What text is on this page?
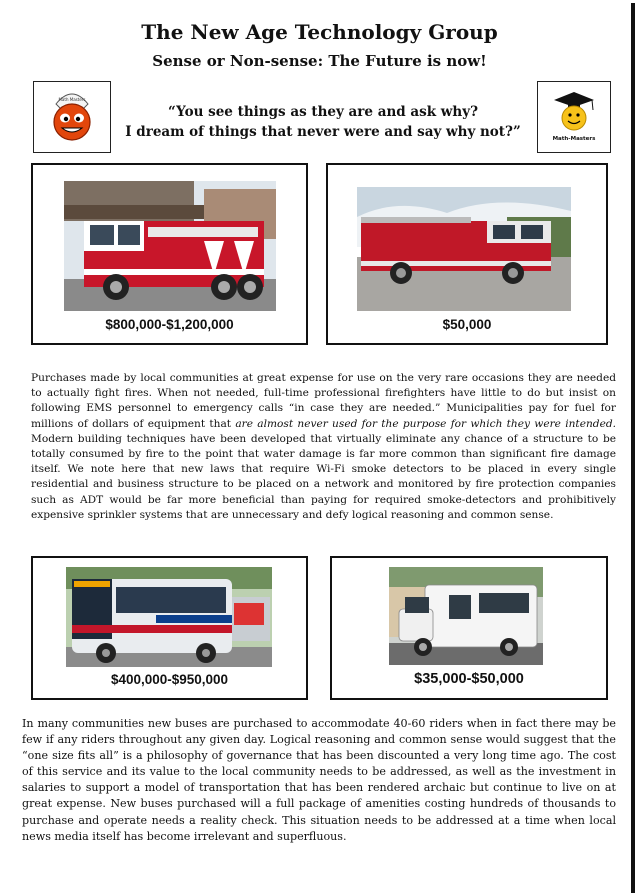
The New Age Technology Group
Sense or Non-sense: The Future is now!
Math Masters
“You see things as they are and ask why?
I dream of things that never were and say why not?”	Math-Masters
$800,000-$1,200,000	$50,000
Purchases made by local communities at great expense for use on the very rare occasions they are needed to actually fight fires. When not needed, full-time professional firefighters have little to do but insist on following EMS personnel to emergency calls “in case they are needed.” Municipalities pay for fuel for millions of dollars of equipment that are almost never used for the purpose for which they were intended. Modern building techniques have been developed that virtually eliminate any chance of a structure to be totally consumed by fire to the point that water damage is far more common than significant fire damage itself. We note here that new laws that require Wi-Fi smoke detectors to be placed in every single residential and business structure to be placed on a network and monitored by fire protection companies such as ADT would be far more beneficial than paying for required smoke-detectors and prohibitively expensive sprinkler systems that are unnecessary and defy logical reasoning and common sense.
$400,000-$950,000	$35,000-$50,000
In many communities new buses are purchased to accommodate 40-60 riders when in fact there may be few if any riders throughout any given day. Logical reasoning and common sense would suggest that the “one size fits all” is a philosophy of governance that has been discounted a very long time ago. The cost of this service and its value to the local community needs to be addressed, as well as the investment in salaries to support a model of transportation that has been rendered archaic but continue to live on at great expense. New buses purchased will a full package of amenities costing hundreds of thousands to purchase and operate needs a reality check. This situation needs to be addressed at a time when local news media itself has become irrelevant and superfluous.
